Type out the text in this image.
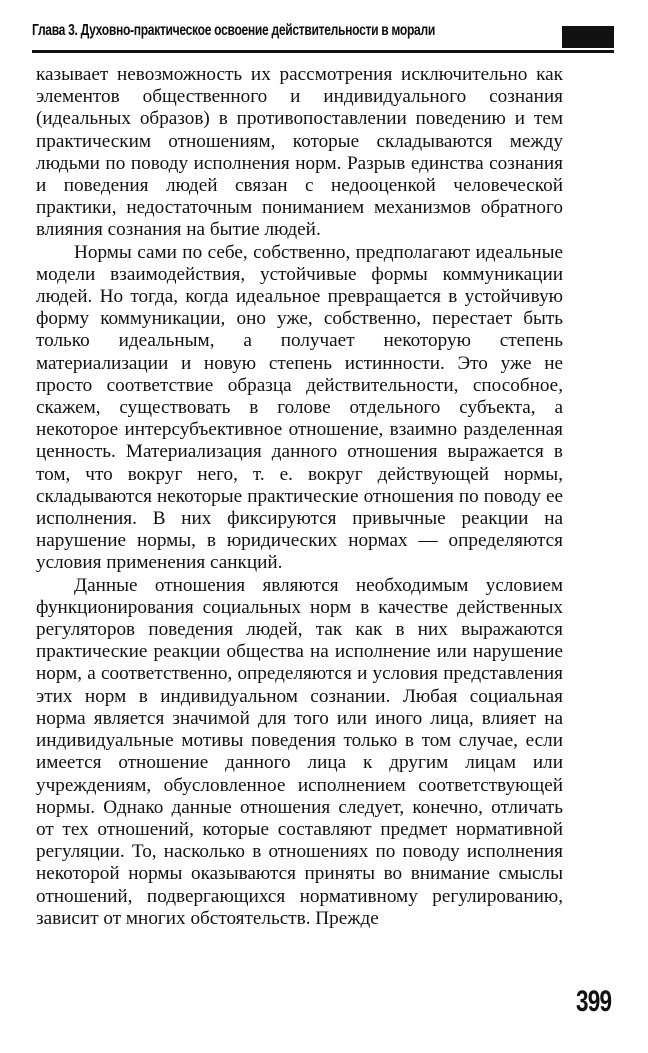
Глава 3. Духовно-практическое освоение действительности в морали

казывает невозможность их рассмотрения исключительно как элементов общественного и индивидуального сознания (идеальных образов) в противопоставлении поведению и тем практическим отношениям, которые складываются между людьми по поводу исполнения норм. Разрыв единства сознания и поведения людей связан с недооценкой человеческой практики, недостаточным пониманием механизмов обратного влияния сознания на бытие людей.

Нормы сами по себе, собственно, предполагают идеальные модели взаимодействия, устойчивые формы коммуникации людей. Но тогда, когда идеальное превращается в устойчивую форму коммуникации, оно уже, собственно, перестает быть только идеальным, а получает некоторую степень материализации и новую степень истинности. Это уже не просто соответствие образца действительности, способное, скажем, существовать в голове отдельного субъекта, а некоторое интерсубъективное отношение, взаимно разделенная ценность. Материализация данного отношения выражается в том, что вокруг него, т. е. вокруг действующей нормы, складываются некоторые практические отношения по поводу ее исполнения. В них фиксируются привычные реакции на нарушение нормы, в юридических нормах — определяются условия применения санкций.

Данные отношения являются необходимым условием функционирования социальных норм в качестве действенных регуляторов поведения людей, так как в них выражаются практические реакции общества на исполнение или нарушение норм, а соответственно, определяются и условия представления этих норм в индивидуальном сознании. Любая социальная норма является значимой для того или иного лица, влияет на индивидуальные мотивы поведения только в том случае, если имеется отношение данного лица к другим лицам или учреждениям, обусловленное исполнением соответствующей нормы. Однако данные отношения следует, конечно, отличать от тех отношений, которые составляют предмет нормативной регуляции. То, насколько в отношениях по поводу исполнения некоторой нормы оказываются приняты во внимание смыслы отношений, подвергающихся нормативному регулированию, зависит от многих обстоятельств. Прежде

399
